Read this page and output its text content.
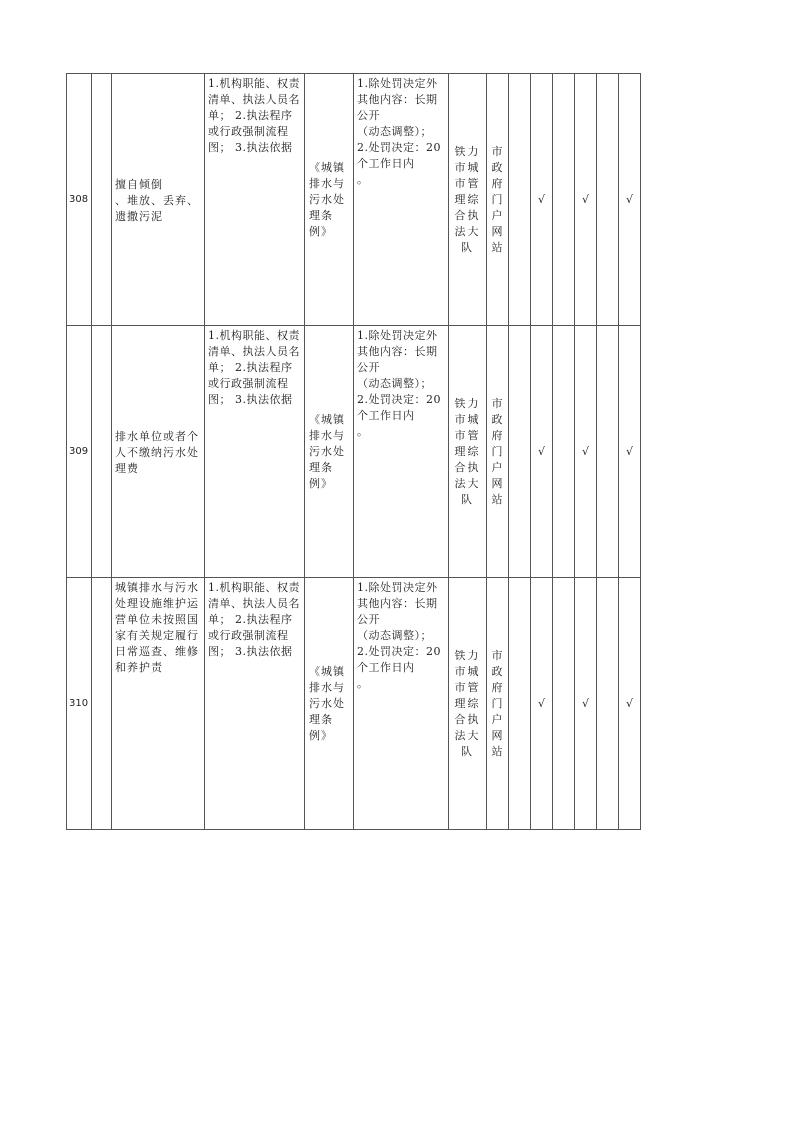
308		擅自倾倒
、堆放、丢弃、遗撒污泥	1.机构职能、权责清单、执法人员名单； 2.执法程序或行政强制流程 图； 3.执法依据	《城镇排水与污水处理条例》	1.除处罚决定外其他内容：长期公开
（动态调整）；
2.处罚决定：20个工作日内
。	铁力市城市管理综合执法大队	市政府门户网站		√		√		√	
309		排水单位或者个人不缴纳污水处理费	1.机构职能、权责清单、执法人员名单； 2.执法程序或行政强制流程 图； 3.执法依据	《城镇排水与污水处理条例》	1.除处罚决定外其他内容：长期公开
（动态调整）；
2.处罚决定：20个工作日内
。	铁力市城市管理综合执法大队	市政府门户网站		√		√		√	
310		城镇排水与污水处理设施维护运营单位未按照国家有关规定履行日常巡查、维修和养护责	1.机构职能、权责清单、执法人员名单； 2.执法程序或行政强制流程 图； 3.执法依据	《城镇排水与污水处理条例》	1.除处罚决定外其他内容：长期公开
（动态调整）；
2.处罚决定：20个工作日内
。	铁力市城市管理综合执法大队	市政府门户网站		√		√		√	
